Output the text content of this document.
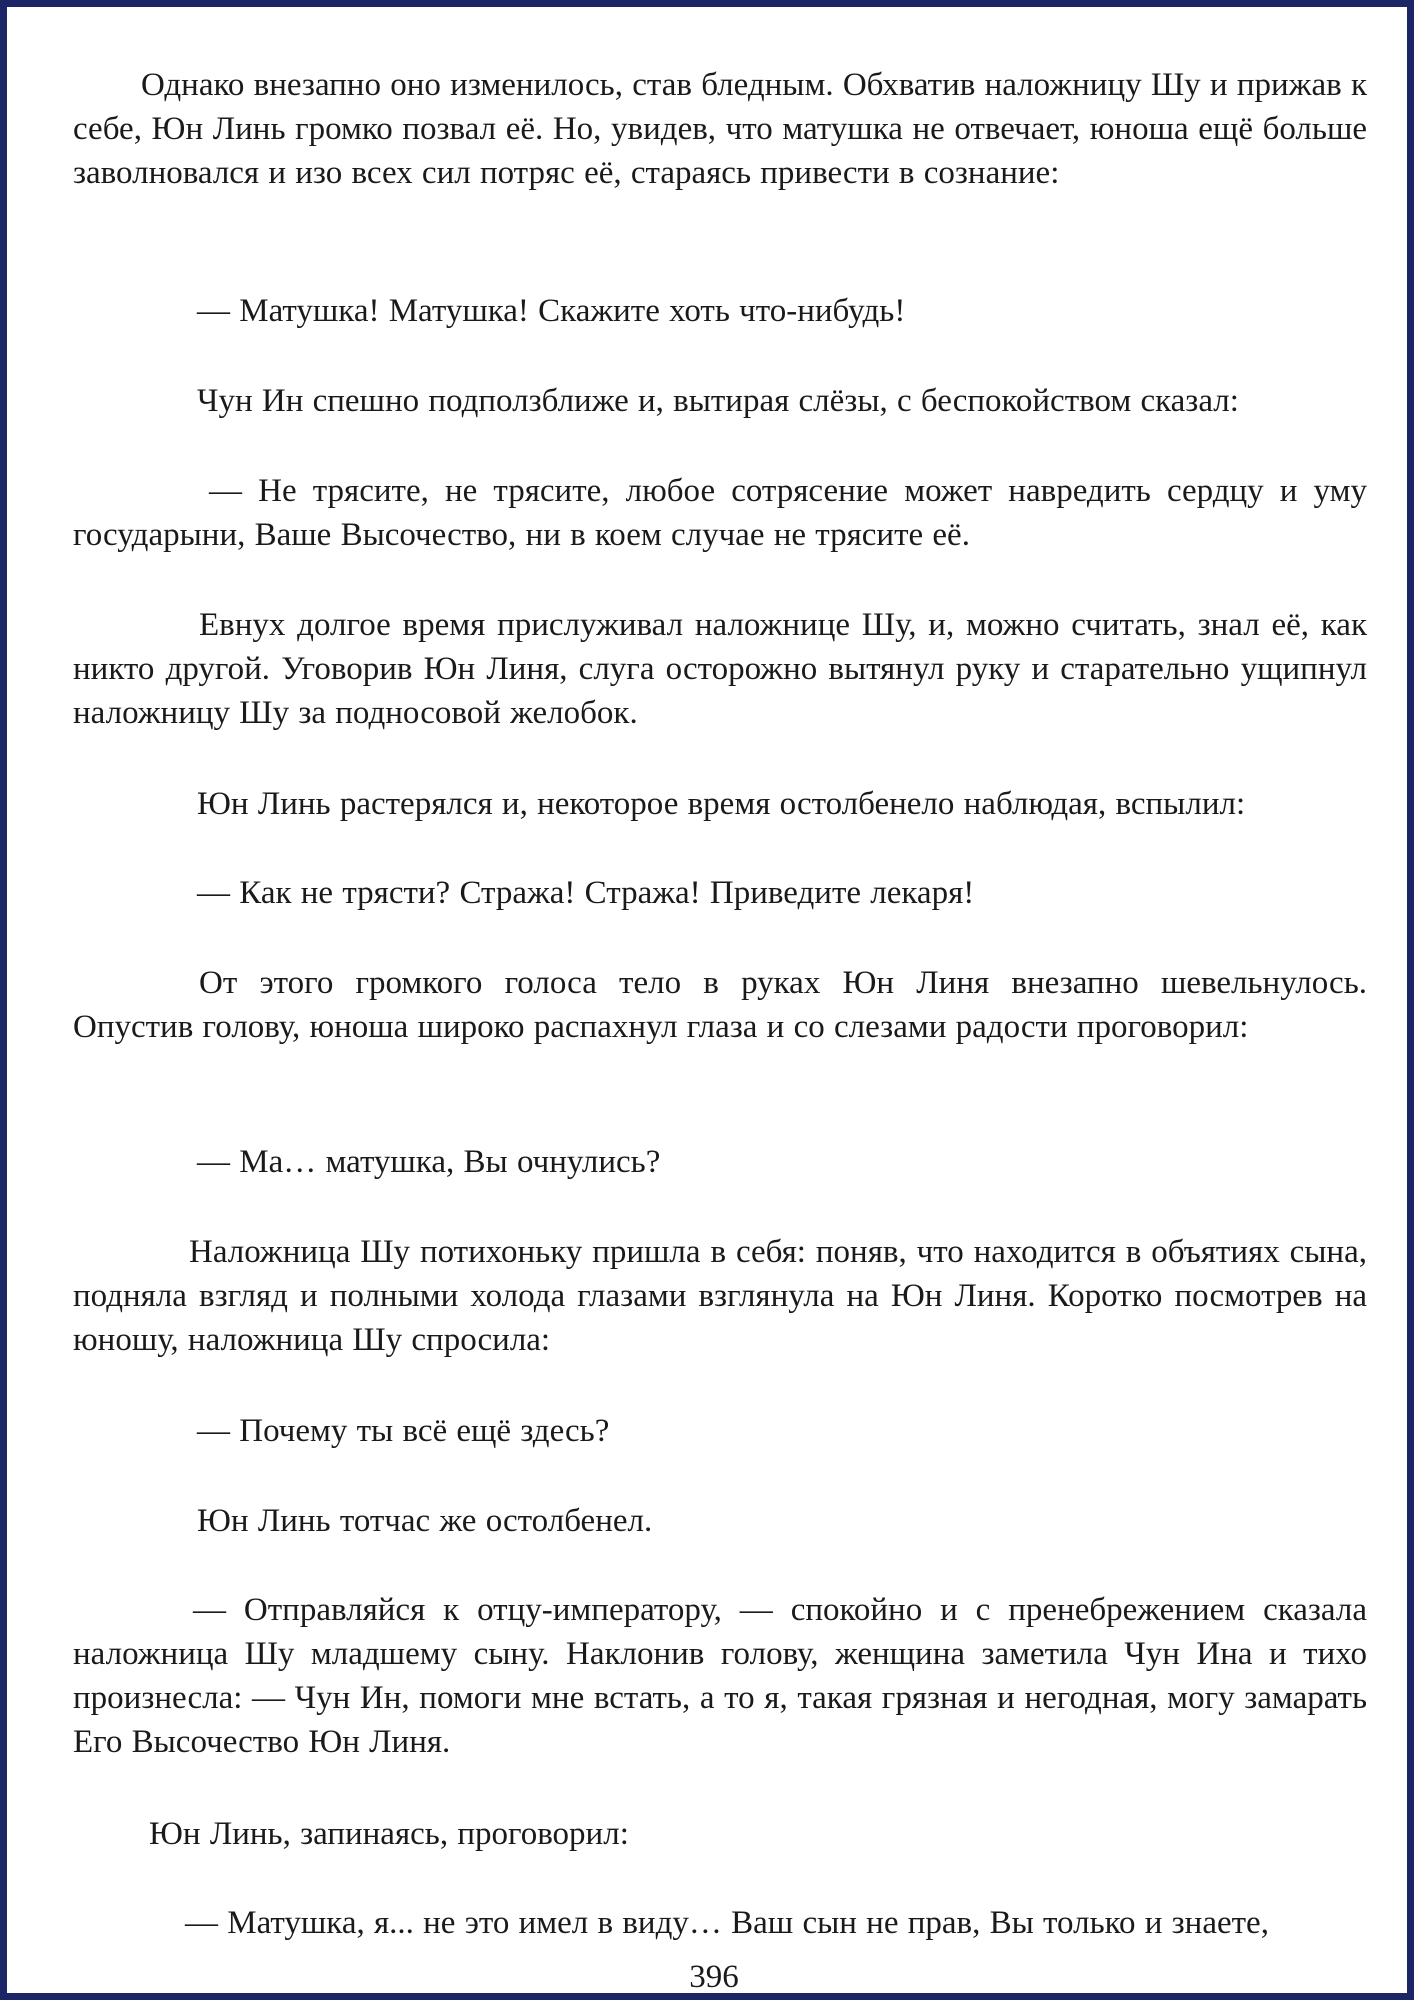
Однако внезапно оно изменилось, став бледным. Обхватив наложницу Шу и прижав к себе, Юн Линь громко позвал её. Но, увидев, что матушка не отвечает, юноша ещё больше заволновался и изо всех сил потряс её, стараясь привести в сознание:

— Матушка! Матушка! Скажите хоть что-нибудь!

Чун Ин спешно подползближе и, вытирая слёзы, с беспокойством сказал:

— Не трясите, не трясите, любое сотрясение может навредить сердцу и уму государыни, Ваше Высочество, ни в коем случае не трясите её.

Евнух долгое время прислуживал наложнице Шу, и, можно считать, знал её, как никто другой. Уговорив Юн Линя, слуга осторожно вытянул руку и старательно ущипнул наложницу Шу за подносовой желобок.

Юн Линь растерялся и, некоторое время остолбенело наблюдая, вспылил:

— Как не трясти? Стража! Стража! Приведите лекаря!

От этого громкого голоса тело в руках Юн Линя внезапно шевельнулось. Опустив голову, юноша широко распахнул глаза и со слезами радости проговорил:

— Ма… матушка, Вы очнулись?

Наложница Шу потихоньку пришла в себя: поняв, что находится в объятиях сына, подняла взгляд и полными холода глазами взглянула на Юн Линя. Коротко посмотрев на юношу, наложница Шу спросила:

— Почему ты всё ещё здесь?

Юн Линь тотчас же остолбенел.

— Отправляйся к отцу-императору, — спокойно и с пренебрежением сказала наложница Шу младшему сыну. Наклонив голову, женщина заметила Чун Ина и тихо произнесла: — Чун Ин, помоги мне встать, а то я, такая грязная и негодная, могу замарать Его Высочество Юн Линя.

Юн Линь, запинаясь, проговорил:

— Матушка, я... не это имел в виду… Ваш сын не прав, Вы только и знаете,

396
